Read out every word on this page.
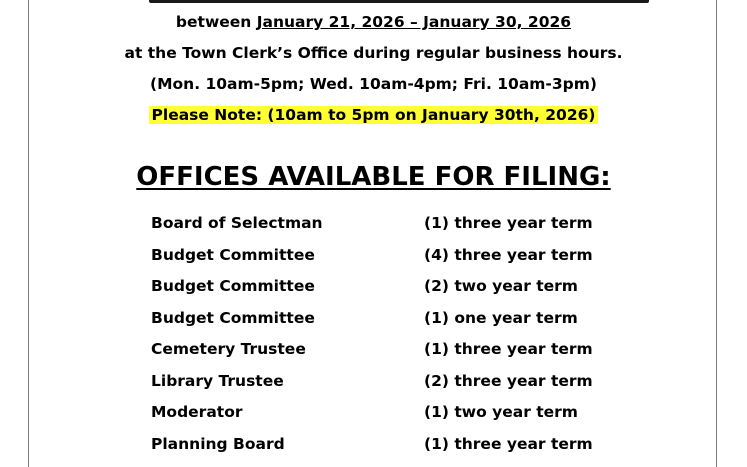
between January 21, 2026 – January 30, 2026
at the Town Clerk’s Office during regular business hours.
(Mon. 10am-5pm; Wed. 10am-4pm; Fri. 10am-3pm)
Please Note: (10am to 5pm on January 30th, 2026)
OFFICES AVAILABLE FOR FILING:
Board of Selectman	(1) three year term
Budget Committee	(4) three year term
Budget Committee	(2) two year term
Budget Committee	(1) one year term
Cemetery Trustee	(1) three year term
Library Trustee	(2) three year term
Moderator	(1) two year term
Planning Board	(1) three year term
